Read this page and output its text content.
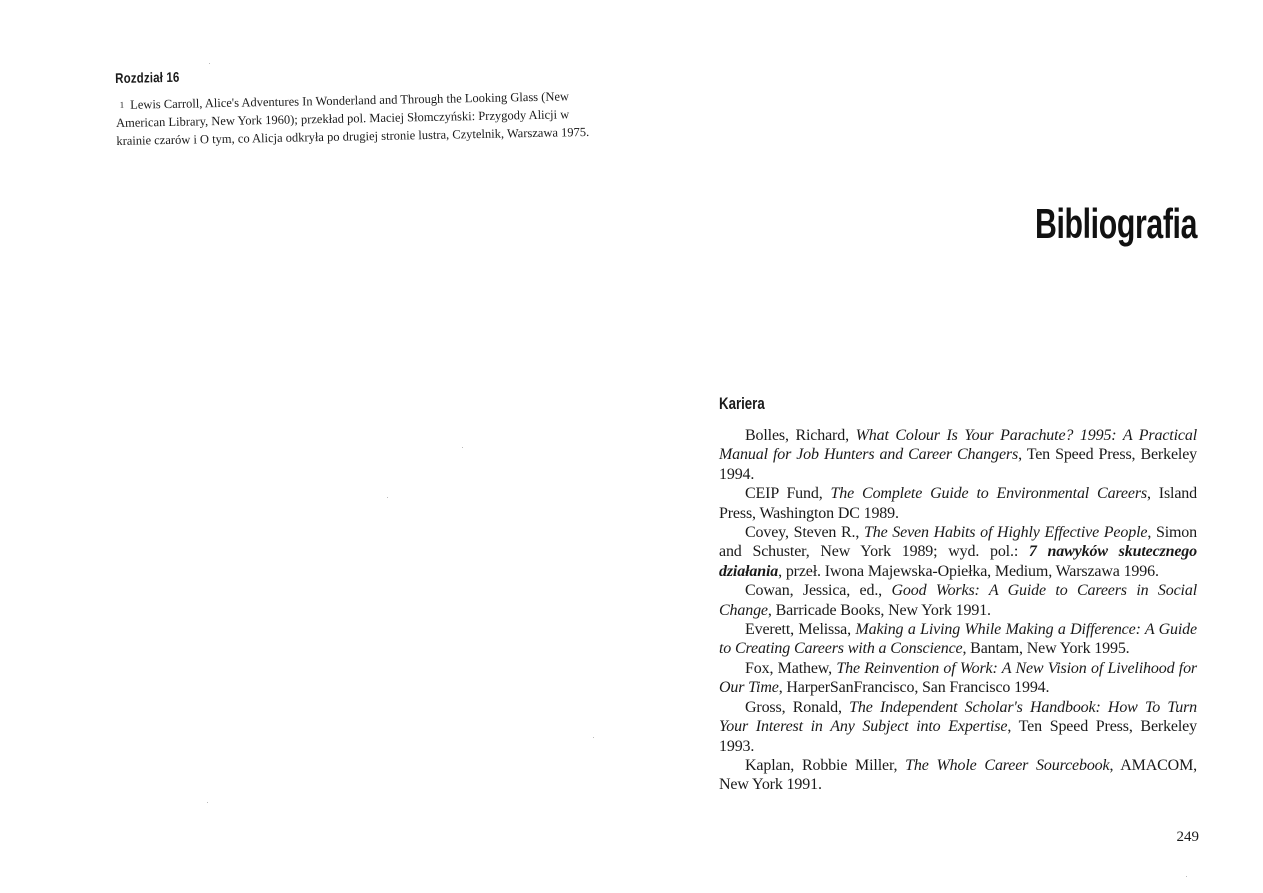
Rozdział 16

$^1$ Lewis Carroll, Alice's Adventures In Wonderland and Through the Looking Glass (New American Library, New York 1960); przekład pol. Maciej Słomczyński: Przygody Alicji w krainie czarów i O tym, co Alicja odkryła po drugiej stronie lustra, Czytelnik, Warszawa 1975.

Bibliografia
Kariera
Bolles, Richard, What Colour Is Your Parachute? 1995: A Practical Manual for Job Hunters and Career Changers, Ten Speed Press, Berkeley 1994.
CEIP Fund, The Complete Guide to Environmental Careers, Island Press, Washington DC 1989.
Covey, Steven R., The Seven Habits of Highly Effective People, Simon and Schuster, New York 1989; wyd. pol.: 7 nawyków skutecznego działania, przeł. Iwona Majewska-Opiełka, Medium, Warszawa 1996.
Cowan, Jessica, ed., Good Works: A Guide to Careers in Social Change, Barricade Books, New York 1991.
Everett, Melissa, Making a Living While Making a Difference: A Guide to Creating Careers with a Conscience, Bantam, New York 1995.
Fox, Mathew, The Reinvention of Work: A New Vision of Livelihood for Our Time, HarperSanFrancisco, San Francisco 1994.
Gross, Ronald, The Independent Scholar's Handbook: How To Turn Your Interest in Any Subject into Expertise, Ten Speed Press, Berkeley 1993.
Kaplan, Robbie Miller, The Whole Career Sourcebook, AMACOM, New York 1991.
249
